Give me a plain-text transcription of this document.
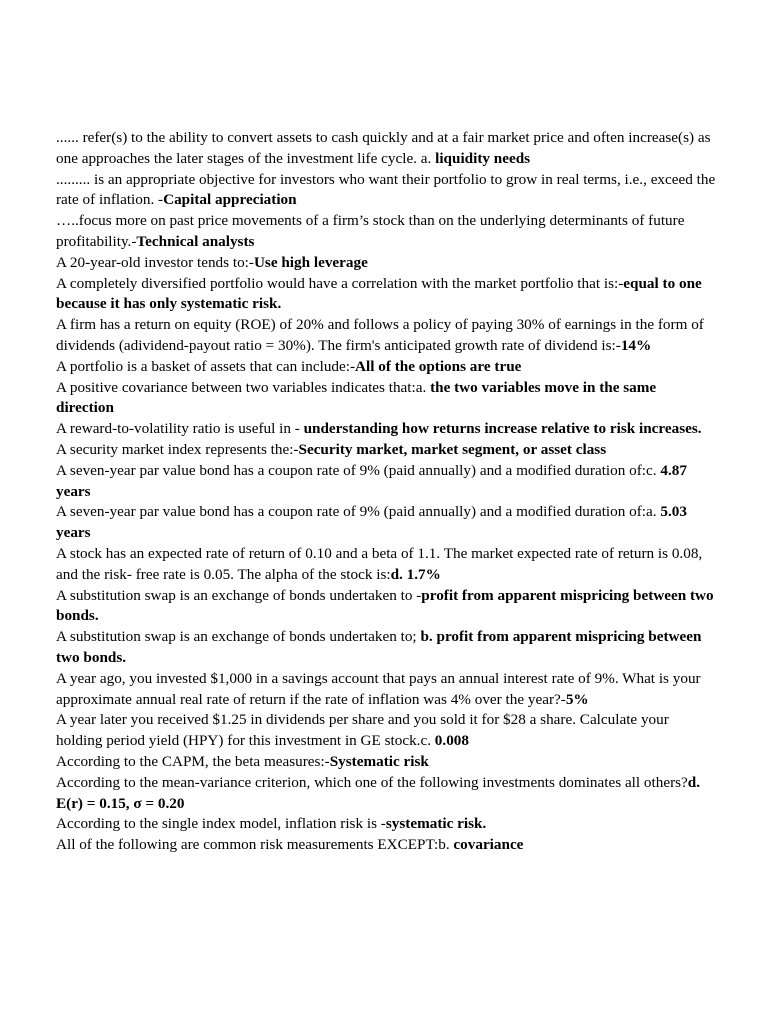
...... refer(s) to the ability to convert assets to cash quickly and at a fair market price and often increase(s) as one approaches the later stages of the investment life cycle. a. liquidity needs

......... is an appropriate objective for investors who want their portfolio to grow in real terms, i.e., exceed the rate of inflation. -Capital appreciation

…..focus more on past price movements of a firm’s stock than on the underlying determinants of future profitability.-Technical analysts

A 20-year-old investor tends to:-Use high leverage

A completely diversified portfolio would have a correlation with the market portfolio that is:-equal to one because it has only systematic risk.

A firm has a return on equity (ROE) of 20% and follows a policy of paying 30% of earnings in the form of dividends (adividend-payout ratio = 30%). The firm's anticipated growth rate of dividend is:-14%

A portfolio is a basket of assets that can include:-All of the options are true

A positive covariance between two variables indicates that:a. the two variables move in the same direction

A reward-to-volatility ratio is useful in - understanding how returns increase relative to risk increases.

A security market index represents the:-Security market, market segment, or asset class

A seven-year par value bond has a coupon rate of 9% (paid annually) and a modified duration of:c. 4.87 years

A seven-year par value bond has a coupon rate of 9% (paid annually) and a modified duration of:a. 5.03 years

A stock has an expected rate of return of 0.10 and a beta of 1.1. The market expected rate of return is 0.08, and the risk- free rate is 0.05. The alpha of the stock is:d. 1.7%

A substitution swap is an exchange of bonds undertaken to -profit from apparent mispricing between two bonds.

A substitution swap is an exchange of bonds undertaken to; b. profit from apparent mispricing between two bonds.

A year ago, you invested $1,000 in a savings account that pays an annual interest rate of 9%. What is your approximate annual real rate of return if the rate of inflation was 4% over the year?-5%

A year later you received $1.25 in dividends per share and you sold it for $28 a share. Calculate your holding period yield (HPY) for this investment in GE stock.c. 0.008

According to the CAPM, the beta measures:-Systematic risk

According to the mean-variance criterion, which one of the following investments dominates all others?d. E(r) = 0.15, σ = 0.20

According to the single index model, inflation risk is -systematic risk.

All of the following are common risk measurements EXCEPT:b. covariance
